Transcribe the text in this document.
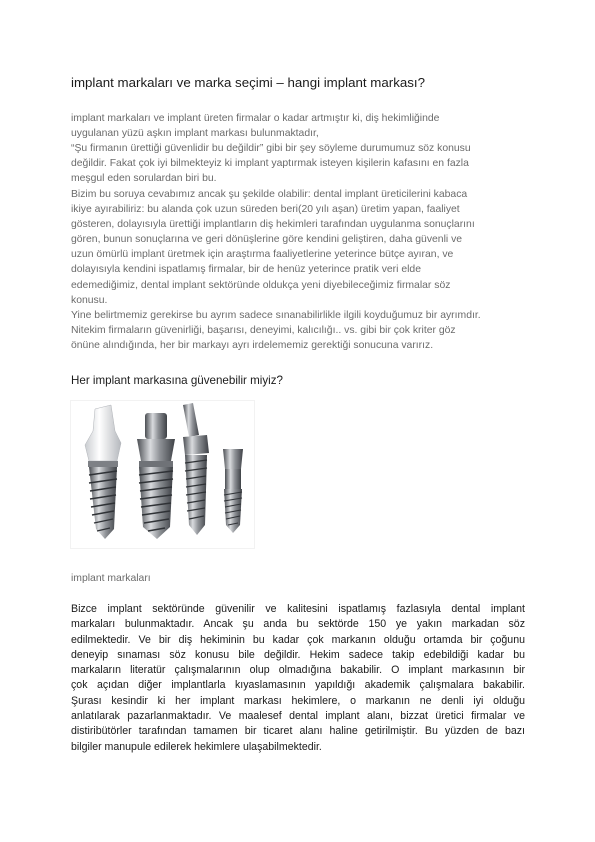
implant markaları ve marka seçimi – hangi implant markası?
implant markaları ve implant üreten firmalar o kadar artmıştır ki, diş hekimliğinde
uygulanan yüzü aşkın implant markası bulunmaktadır,
“Şu firmanın ürettiği güvenlidir bu değildir” gibi bir şey söyleme durumumuz söz konusu
değildir. Fakat çok iyi bilmekteyiz ki implant yaptırmak isteyen kişilerin kafasını en fazla
meşgul eden sorulardan biri bu.
Bizim bu soruya cevabımız ancak şu şekilde olabilir: dental implant üreticilerini kabaca
ikiye ayırabiliriz: bu alanda çok uzun süreden beri(20 yılı aşan) üretim yapan, faaliyet
gösteren, dolayısıyla ürettiği implantların diş hekimleri tarafından uygulanma sonuçlarını
gören, bunun sonuçlarına ve geri dönüşlerine göre kendini geliştiren, daha güvenli ve
uzun ömürlü implant üretmek için araştırma faaliyetlerine yeterince bütçe ayıran, ve
dolayısıyla kendini ispatlamış firmalar, bir de henüz yeterince pratik veri elde
edemediğimiz, dental implant sektöründe oldukça yeni diyebileceğimiz firmalar söz
konusu.
Yine belirtmemiz gerekirse bu ayrım sadece sınanabilirlikle ilgili koyduğumuz bir ayrımdır.
Nitekim firmaların güvenirliği, başarısı, deneyimi, kalıcılığı.. vs. gibi bir çok kriter göz
önüne alındığında, her bir markayı ayrı irdelememiz gerektiği sonucuna varırız.
Her implant markasına güvenebilir miyiz?
implant markaları
Bizce implant sektöründe güvenilir ve kalitesini ispatlamış fazlasıyla dental implant
markaları bulunmaktadır. Ancak şu anda bu sektörde 150 ye yakın markadan söz
edilmektedir. Ve bir diş hekiminin bu kadar çok markanın olduğu ortamda bir çoğunu
deneyip sınaması söz konusu bile değildir. Hekim sadece takip edebildiği kadar bu
markaların literatür çalışmalarının olup olmadığına bakabilir. O implant markasının bir
çok açıdan diğer implantlarla kıyaslamasının yapıldığı akademik çalışmalara bakabilir.
Şurası kesindir ki her implant markası hekimlere, o markanın ne denli iyi olduğu
anlatılarak pazarlanmaktadır. Ve maalesef dental implant alanı, bizzat üretici firmalar ve
distiribütörler tarafından tamamen bir ticaret alanı haline getirilmiştir. Bu yüzden de bazı
bilgiler manupule edilerek hekimlere ulaşabilmektedir.
